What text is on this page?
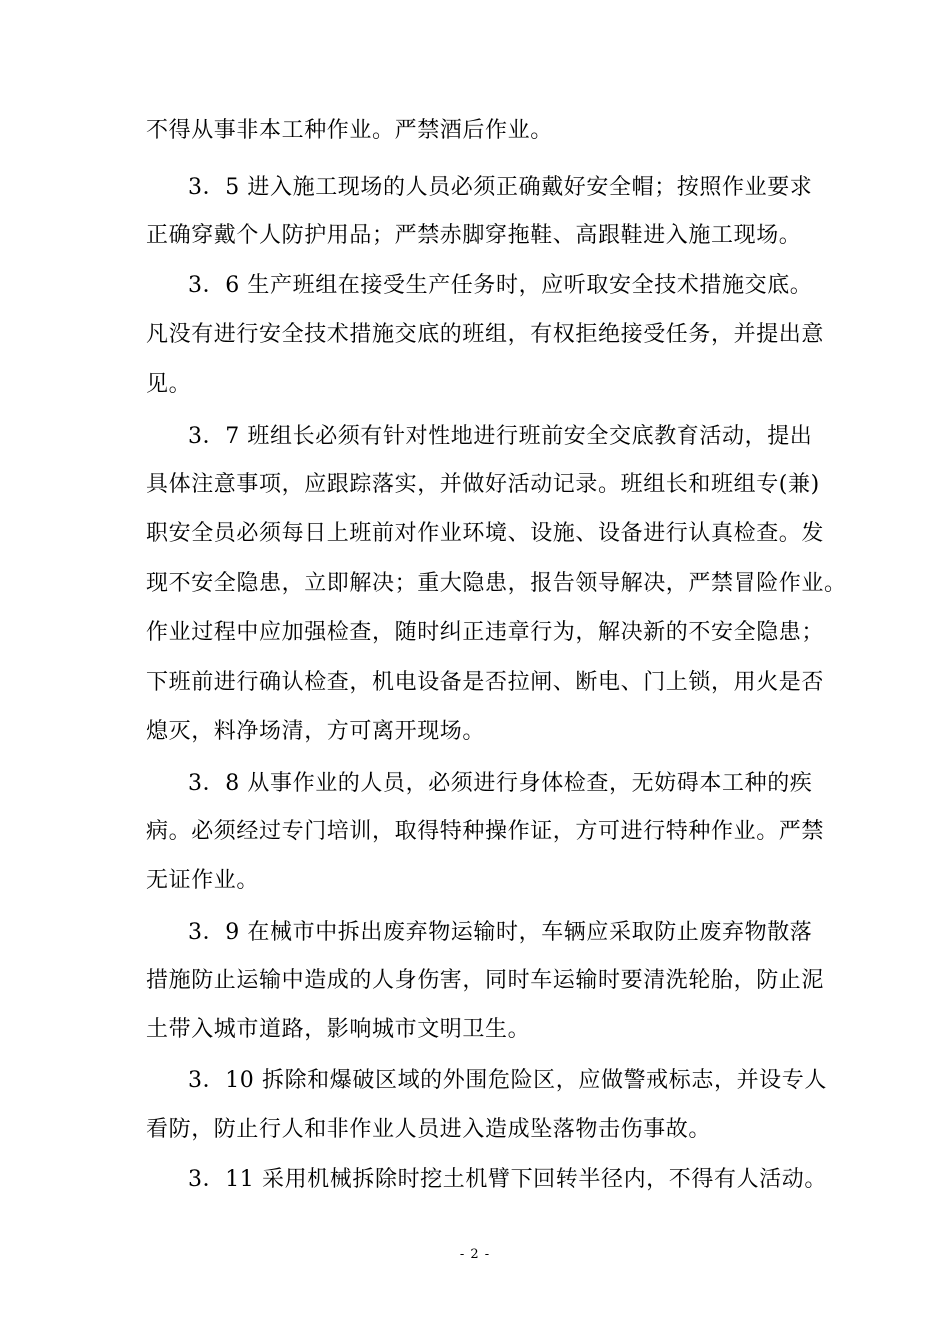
不得从事非本工种作业。严禁酒后作业。
3．5 进入施工现场的人员必须正确戴好安全帽；按照作业要求
正确穿戴个人防护用品；严禁赤脚穿拖鞋、高跟鞋进入施工现场。
3．6 生产班组在接受生产任务时，应听取安全技术措施交底。
凡没有进行安全技术措施交底的班组，有权拒绝接受任务，并提出意
见。
3．7 班组长必须有针对性地进行班前安全交底教育活动，提出
具体注意事项，应跟踪落实，并做好活动记录。班组长和班组专(兼)
职安全员必须每日上班前对作业环境、设施、设备进行认真检查。发
现不安全隐患，立即解决；重大隐患，报告领导解决，严禁冒险作业。
作业过程中应加强检查，随时纠正违章行为，解决新的不安全隐患；
下班前进行确认检查，机电设备是否拉闸、断电、门上锁，用火是否
熄灭，料净场清，方可离开现场。
3．8 从事作业的人员，必须进行身体检查，无妨碍本工种的疾
病。必须经过专门培训，取得特种操作证，方可进行特种作业。严禁
无证作业。
3．9 在械市中拆出废弃物运输时，车辆应采取防止废弃物散落
措施防止运输中造成的人身伤害，同时车运输时要清洗轮胎，防止泥
土带入城市道路，影响城市文明卫生。
3．10 拆除和爆破区域的外围危险区，应做警戒标志，并设专人
看防，防止行人和非作业人员进入造成坠落物击伤事故。
3．11 采用机械拆除时挖土机臂下回转半径内，不得有人活动。
- 2 -
